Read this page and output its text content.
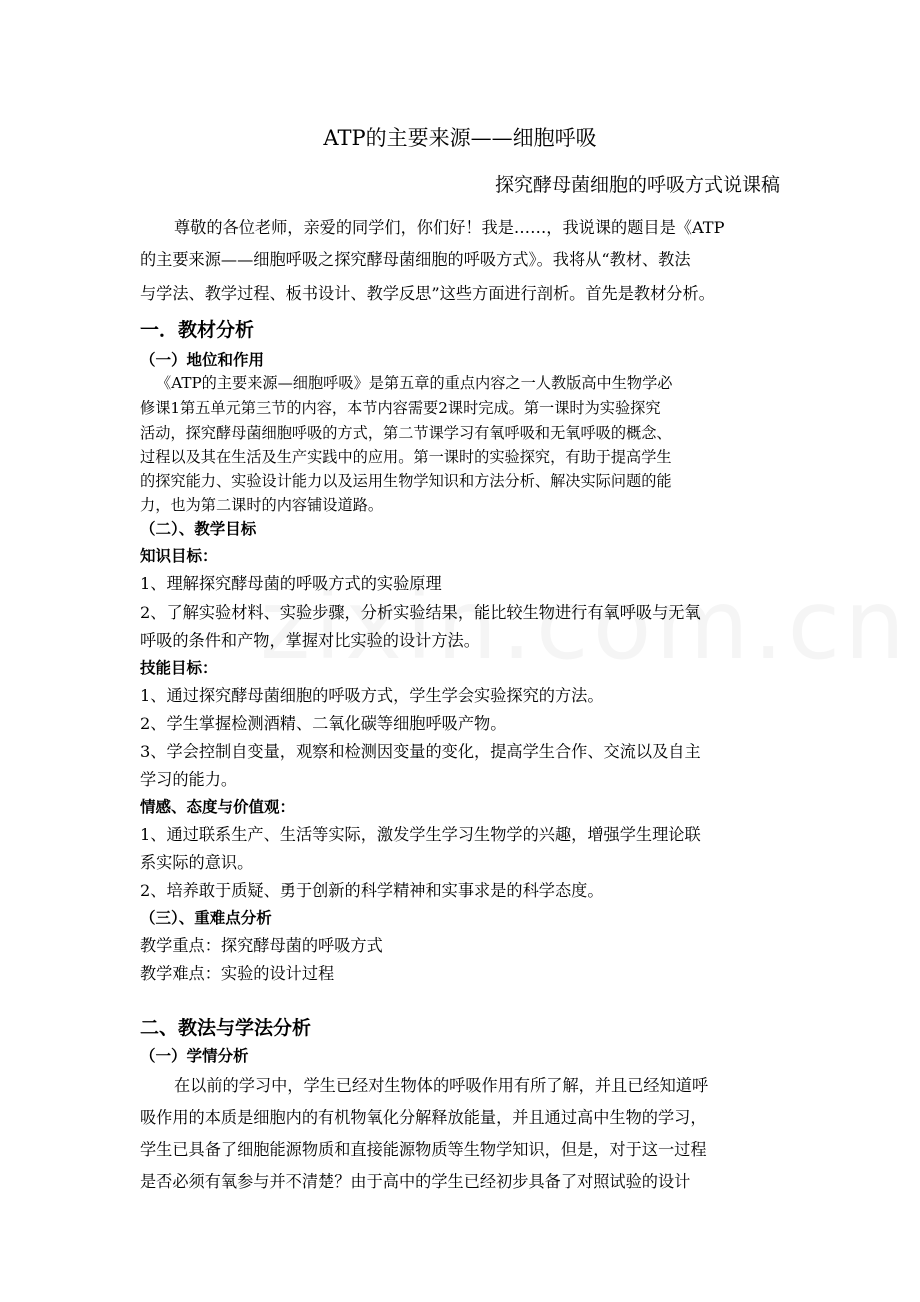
ATP的主要来源——细胞呼吸
探究酵母菌细胞的呼吸方式说课稿
尊敬的各位老师，亲爱的同学们，你们好！我是……，我说课的题目是《ATP
的主要来源——细胞呼吸之探究酵母菌细胞的呼吸方式》。我将从“教材、教法
与学法、教学过程、板书设计、教学反思”这些方面进行剖析。首先是教材分析。
一．教材分析
（一）地位和作用
《ATP的主要来源—细胞呼吸》是第五章的重点内容之一人教版高中生物学必
修课1第五单元第三节的内容，本节内容需要2课时完成。第一课时为实验探究
活动，探究酵母菌细胞呼吸的方式，第二节课学习有氧呼吸和无氧呼吸的概念、
过程以及其在生活及生产实践中的应用。第一课时的实验探究，有助于提高学生
的探究能力、实验设计能力以及运用生物学知识和方法分析、解决实际问题的能
力，也为第二课时的内容铺设道路。
（二）、教学目标
知识目标：
1、理解探究酵母菌的呼吸方式的实验原理
2、了解实验材料、实验步骤，分析实验结果，能比较生物进行有氧呼吸与无氧
呼吸的条件和产物，掌握对比实验的设计方法。
技能目标：
1、通过探究酵母菌细胞的呼吸方式，学生学会实验探究的方法。
2、学生掌握检测酒精、二氧化碳等细胞呼吸产物。
3、学会控制自变量，观察和检测因变量的变化，提高学生合作、交流以及自主
学习的能力。
情感、态度与价值观：
1、通过联系生产、生活等实际，激发学生学习生物学的兴趣，增强学生理论联
系实际的意识。
2、培养敢于质疑、勇于创新的科学精神和实事求是的科学态度。
（三）、重难点分析
教学重点：探究酵母菌的呼吸方式
教学难点：实验的设计过程
二、教法与学法分析
（一）学情分析
在以前的学习中，学生已经对生物体的呼吸作用有所了解，并且已经知道呼
吸作用的本质是细胞内的有机物氧化分解释放能量，并且通过高中生物的学习，
学生已具备了细胞能源物质和直接能源物质等生物学知识，但是，对于这一过程
是否必须有氧参与并不清楚？由于高中的学生已经初步具备了对照试验的设计
